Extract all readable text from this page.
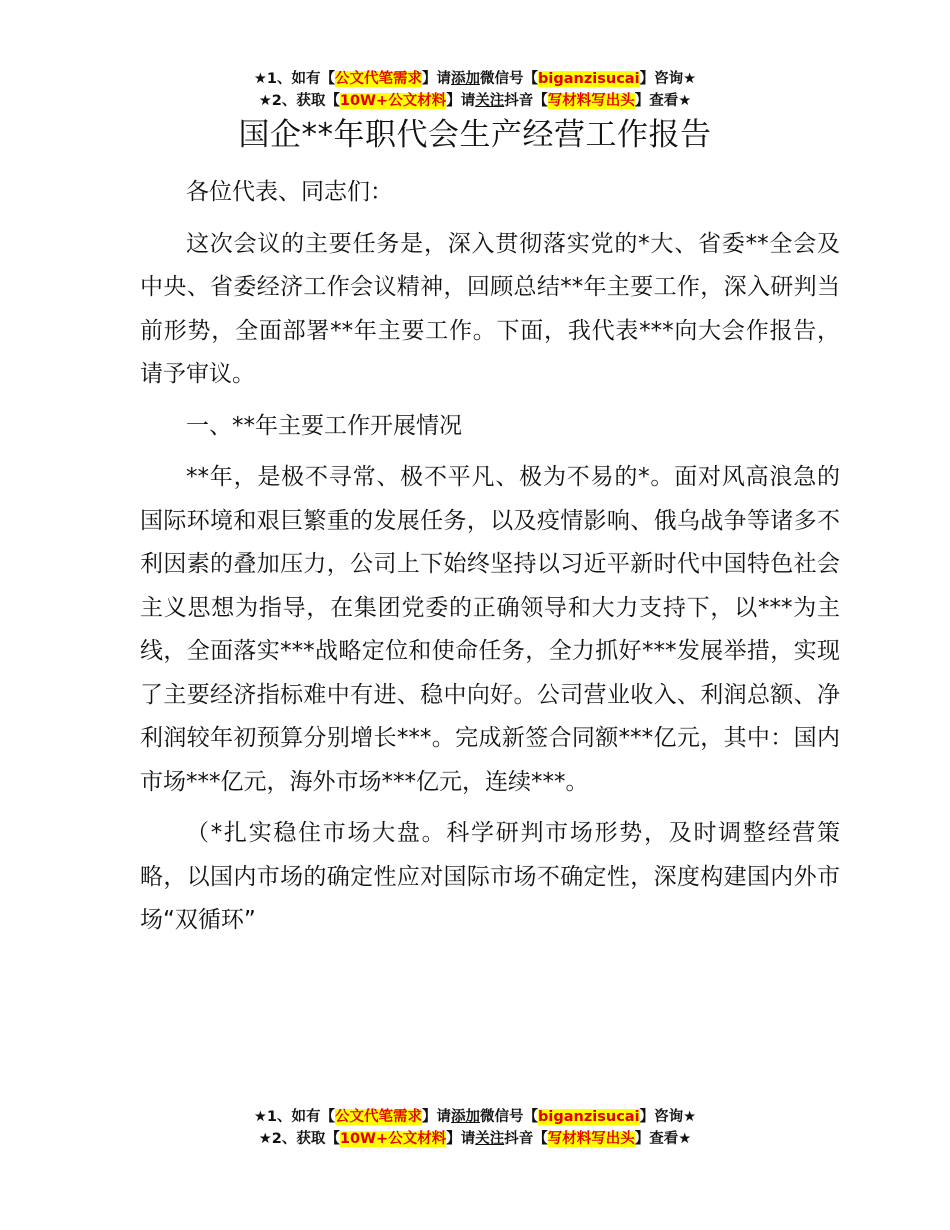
★1、如有【公文代笔需求】请添加微信号【biganzisucai】咨询★
★2、获取【10W+公文材料】请关注抖音【写材料写出头】查看★
国企**年职代会生产经营工作报告

各位代表、同志们：

这次会议的主要任务是，深入贯彻落实党的*大、省委**全会及中央、省委经济工作会议精神，回顾总结**年主要工作，深入研判当前形势，全面部署**年主要工作。下面，我代表***向大会作报告，请予审议。

一、**年主要工作开展情况

**年，是极不寻常、极不平凡、极为不易的*。面对风高浪急的国际环境和艰巨繁重的发展任务，以及疫情影响、俄乌战争等诸多不利因素的叠加压力，公司上下始终坚持以习近平新时代中国特色社会主义思想为指导，在集团党委的正确领导和大力支持下，以***为主线，全面落实***战略定位和使命任务，全力抓好***发展举措，实现了主要经济指标难中有进、稳中向好。公司营业收入、利润总额、净利润较年初预算分别增长***。完成新签合同额***亿元，其中：国内市场***亿元，海外市场***亿元，连续***。

（*扎实稳住市场大盘。科学研判市场形势，及时调整经营策略，以国内市场的确定性应对国际市场不确定性，深度构建国内外市场“双循环”

★1、如有【公文代笔需求】请添加微信号【biganzisucai】咨询★
★2、获取【10W+公文材料】请关注抖音【写材料写出头】查看★
